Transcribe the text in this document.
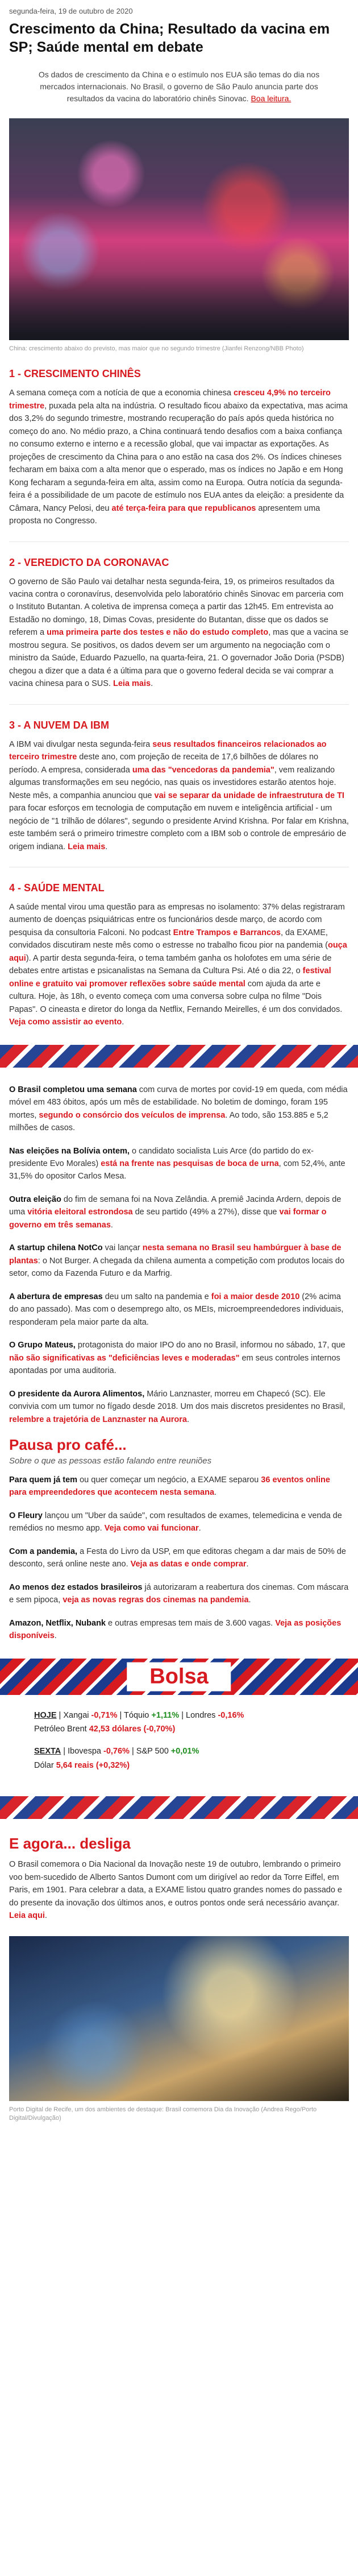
segunda-feira, 19 de outubro de 2020
Crescimento da China; Resultado da vacina em SP; Saúde mental em debate
Os dados de crescimento da China e o estímulo nos EUA são temas do dia nos mercados internacionais. No Brasil, o governo de São Paulo anuncia parte dos resultados da vacina do laboratório chinês Sinovac. Boa leitura.
China: crescimento abaixo do previsto, mas maior que no segundo trimestre (Jianfei Renzong/NBB Photo)
1 - CRESCIMENTO CHINÊS
A semana começa com a notícia de que a economia chinesa cresceu 4,9% no terceiro trimestre, puxada pela alta na indústria. O resultado ficou abaixo da expectativa, mas acima dos 3,2% do segundo trimestre, mostrando recuperação do país após queda histórica no começo do ano. No médio prazo, a China continuará tendo desafios com a baixa confiança no consumo externo e interno e a recessão global, que vai impactar as exportações. As projeções de crescimento da China para o ano estão na casa dos 2%. Os índices chineses fecharam em baixa com a alta menor que o esperado, mas os índices no Japão e em Hong Kong fecharam a segunda-feira em alta, assim como na Europa. Outra notícia da segunda-feira é a possibilidade de um pacote de estímulo nos EUA antes da eleição: a presidente da Câmara, Nancy Pelosi, deu até terça-feira para que republicanos apresentem uma proposta no Congresso.
2 - VEREDICTO DA CORONAVAC
O governo de São Paulo vai detalhar nesta segunda-feira, 19, os primeiros resultados da vacina contra o coronavírus, desenvolvida pelo laboratório chinês Sinovac em parceria com o Instituto Butantan. A coletiva de imprensa começa a partir das 12h45. Em entrevista ao Estadão no domingo, 18, Dimas Covas, presidente do Butantan, disse que os dados se referem a uma primeira parte dos testes e não do estudo completo, mas que a vacina se mostrou segura. Se positivos, os dados devem ser um argumento na negociação com o ministro da Saúde, Eduardo Pazuello, na quarta-feira, 21. O governador João Doria (PSDB) chegou a dizer que a data é a última para que o governo federal decida se vai comprar a vacina chinesa para o SUS. Leia mais.
3 - A NUVEM DA IBM
A IBM vai divulgar nesta segunda-feira seus resultados financeiros relacionados ao terceiro trimestre deste ano, com projeção de receita de 17,6 bilhões de dólares no período. A empresa, considerada uma das "vencedoras da pandemia", vem realizando algumas transformações em seu negócio, nas quais os investidores estarão atentos hoje. Neste mês, a companhia anunciou que vai se separar da unidade de infraestrutura de TI para focar esforços em tecnologia de computação em nuvem e inteligência artificial - um negócio de "1 trilhão de dólares", segundo o presidente Arvind Krishna. Por falar em Krishna, este também será o primeiro trimestre completo com a IBM sob o controle de empresário de origem indiana. Leia mais.
4 - SAÚDE MENTAL
A saúde mental virou uma questão para as empresas no isolamento: 37% delas registraram aumento de doenças psiquiátricas entre os funcionários desde março, de acordo com pesquisa da consultoria Falconi. No podcast Entre Trampos e Barrancos, da EXAME, convidados discutiram neste mês como o estresse no trabalho ficou pior na pandemia (ouça aqui). A partir desta segunda-feira, o tema também ganha os holofotes em uma série de debates entre artistas e psicanalistas na Semana da Cultura Psi. Até o dia 22, o festival online e gratuito vai promover reflexões sobre saúde mental com ajuda da arte e cultura. Hoje, às 18h, o evento começa com uma conversa sobre culpa no filme "Dois Papas". O cineasta e diretor do longa da Netflix, Fernando Meirelles, é um dos convidados. Veja como assistir ao evento.
O Brasil completou uma semana com curva de mortes por covid-19 em queda, com média móvel em 483 óbitos, após um mês de estabilidade. No boletim de domingo, foram 195 mortes, segundo o consórcio dos veículos de imprensa. Ao todo, são 153.885 e 5,2 milhões de casos.
Nas eleições na Bolívia ontem, o candidato socialista Luis Arce (do partido do ex-presidente Evo Morales) está na frente nas pesquisas de boca de urna, com 52,4%, ante 31,5% do opositor Carlos Mesa.
Outra eleição do fim de semana foi na Nova Zelândia. A premiê Jacinda Ardern, depois de uma vitória eleitoral estrondosa de seu partido (49% a 27%), disse que vai formar o governo em três semanas.
A startup chilena NotCo vai lançar nesta semana no Brasil seu hambúrguer à base de plantas: o Not Burger. A chegada da chilena aumenta a competição com produtos locais do setor, como da Fazenda Futuro e da Marfrig.
A abertura de empresas deu um salto na pandemia e foi a maior desde 2010 (2% acima do ano passado). Mas com o desemprego alto, os MEIs, microempreendedores individuais, responderam pela maior parte da alta.
O Grupo Mateus, protagonista do maior IPO do ano no Brasil, informou no sábado, 17, que não são significativas as "deficiências leves e moderadas" em seus controles internos apontadas por uma auditoria.
O presidente da Aurora Alimentos, Mário Lanznaster, morreu em Chapecó (SC). Ele convivia com um tumor no fígado desde 2018. Um dos mais discretos presidentes no Brasil, relembre a trajetória de Lanznaster na Aurora.
Pausa pro café...
Sobre o que as pessoas estão falando entre reuniões
Para quem já tem ou quer começar um negócio, a EXAME separou 36 eventos online para empreendedores que acontecem nesta semana.
O Fleury lançou um "Uber da saúde", com resultados de exames, telemedicina e venda de remédios no mesmo app. Veja como vai funcionar.
Com a pandemia, a Festa do Livro da USP, em que editoras chegam a dar mais de 50% de desconto, será online neste ano. Veja as datas e onde comprar.
Ao menos dez estados brasileiros já autorizaram a reabertura dos cinemas. Com máscara e sem pipoca, veja as novas regras dos cinemas na pandemia.
Amazon, Netflix, Nubank e outras empresas tem mais de 3.600 vagas. Veja as posições disponíveis.
Bolsa
HOJE | Xangai -0,71% | Tóquio +1,11% | Londres -0,16%
Petróleo Brent 42,53 dólares (-0,70%)
SEXTA | Ibovespa -0,76% | S&P 500 +0,01%
Dólar 5,64 reais (+0,32%)
E agora... desliga
O Brasil comemora o Dia Nacional da Inovação neste 19 de outubro, lembrando o primeiro voo bem-sucedido de Alberto Santos Dumont com um dirigível ao redor da Torre Eiffel, em Paris, em 1901. Para celebrar a data, a EXAME listou quatro grandes nomes do passado e do presente da inovação dos últimos anos, e outros pontos onde será necessário avançar. Leia aqui.
Porto Digital de Recife, um dos ambientes de destaque: Brasil comemora Dia da Inovação (Andrea Rego/Porto Digital/Divulgação)
